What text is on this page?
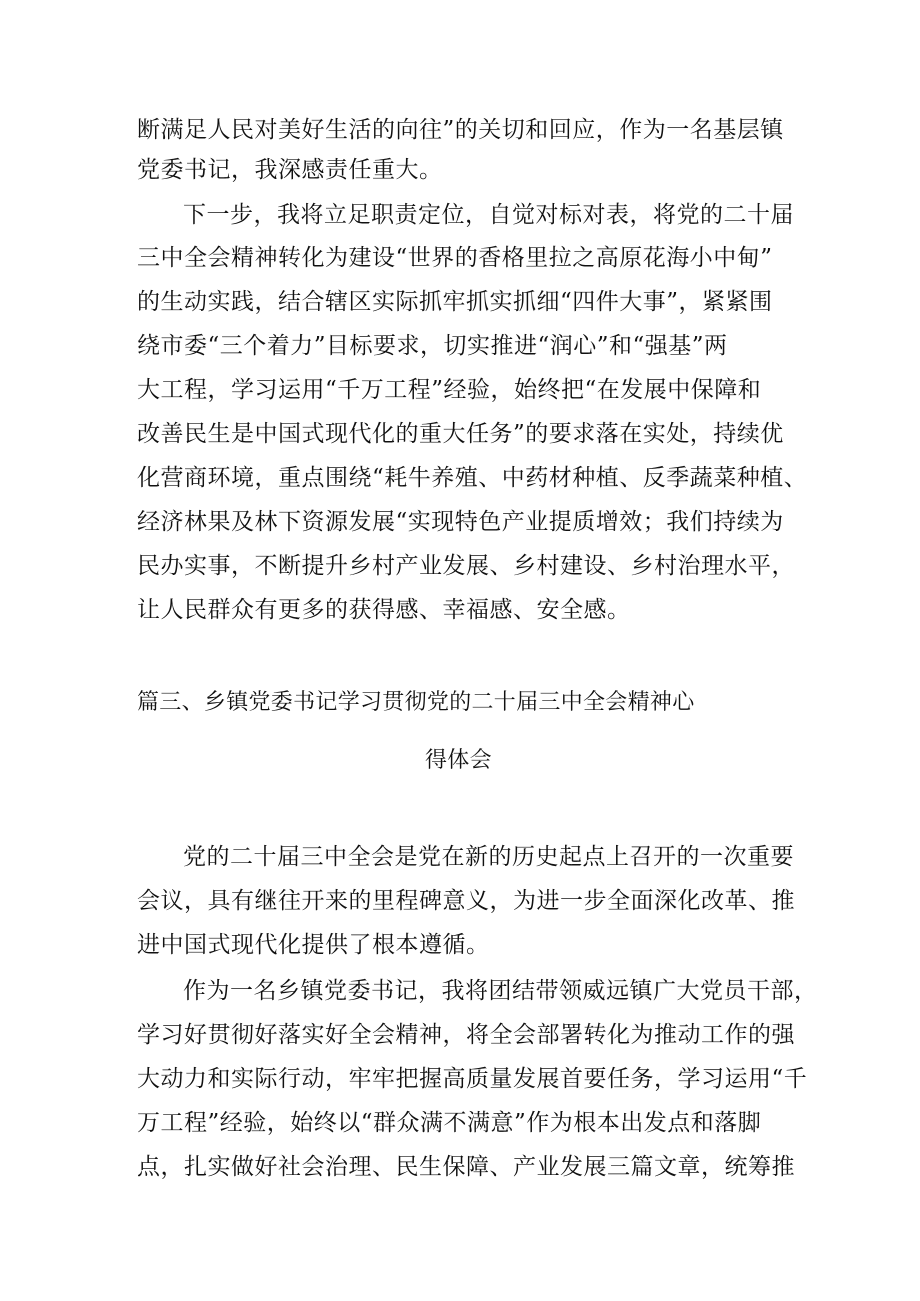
断满足人民对美好生活的向往”的关切和回应，作为一名基层镇
党委书记，我深感责任重大。
下一步，我将立足职责定位，自觉对标对表，将党的二十届
三中全会精神转化为建设“世界的香格里拉之高原花海小中甸”
的生动实践，结合辖区实际抓牢抓实抓细“四件大事”，紧紧围
绕市委“三个着力”目标要求，切实推进“润心”和“强基”两
大工程，学习运用“千万工程”经验，始终把“在发展中保障和
改善民生是中国式现代化的重大任务”的要求落在实处，持续优
化营商环境，重点围绕“耗牛养殖、中药材种植、反季蔬菜种植、
经济林果及林下资源发展“实现特色产业提质增效；我们持续为
民办实事，不断提升乡村产业发展、乡村建设、乡村治理水平，
让人民群众有更多的获得感、幸福感、安全感。
篇三、乡镇党委书记学习贯彻党的二十届三中全会精神心
得体会
党的二十届三中全会是党在新的历史起点上召开的一次重要
会议，具有继往开来的里程碑意义，为进一步全面深化改革、推
进中国式现代化提供了根本遵循。
作为一名乡镇党委书记，我将团结带领威远镇广大党员干部，
学习好贯彻好落实好全会精神，将全会部署转化为推动工作的强
大动力和实际行动，牢牢把握高质量发展首要任务，学习运用“千
万工程”经验，始终以“群众满不满意”作为根本出发点和落脚
点，扎实做好社会治理、民生保障、产业发展三篇文章，统筹推
